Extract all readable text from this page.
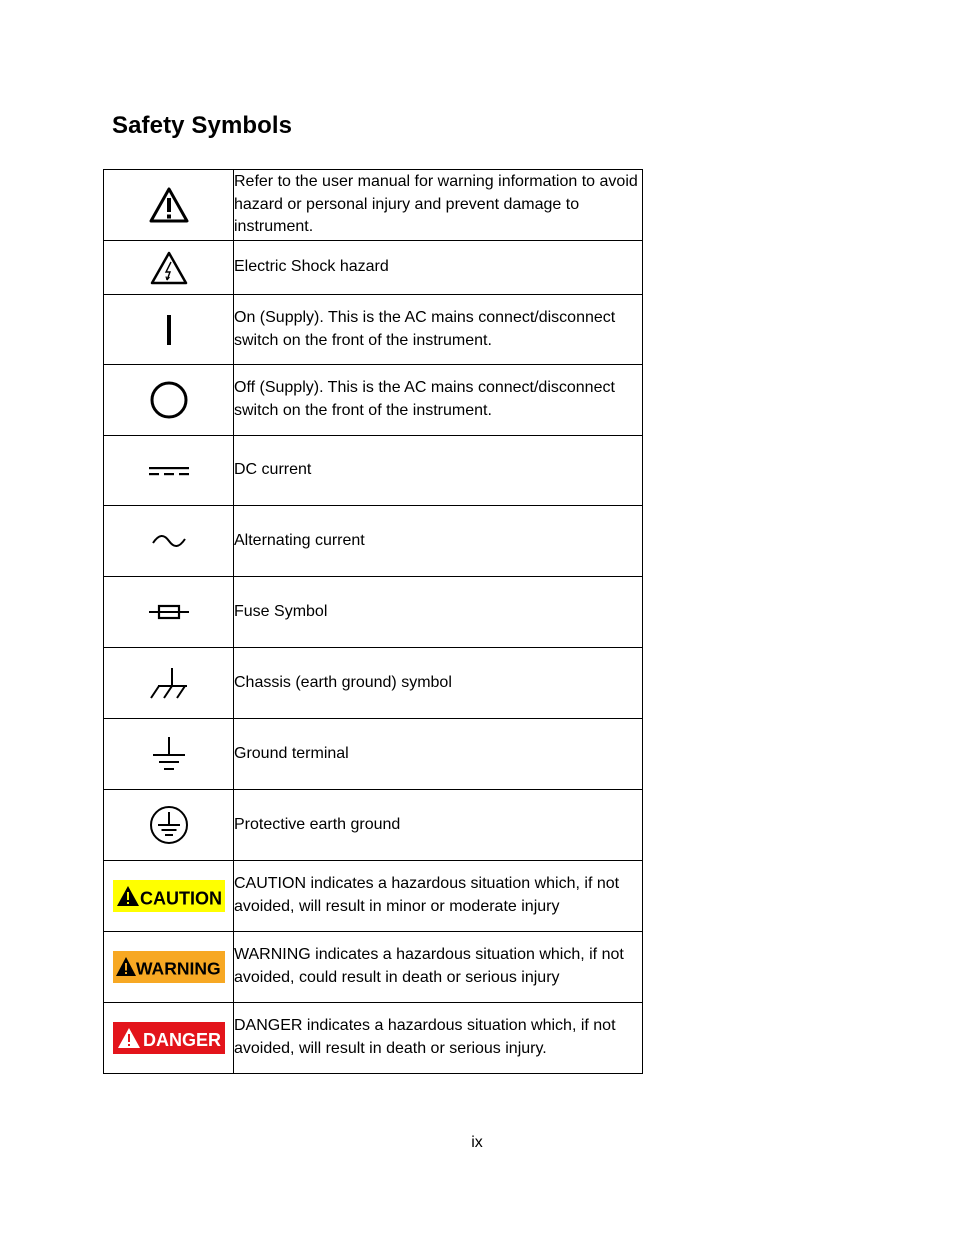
Safety Symbols
	Refer to the user manual for warning information to avoid hazard or personal injury and prevent damage to instrument.

	Electric Shock hazard

	On (Supply). This is the AC mains connect/disconnect switch on the front of the instrument.

	Off (Supply). This is the AC mains connect/disconnect switch on the front of the instrument.

	DC current

	Alternating current

	Fuse Symbol

	Chassis (earth ground) symbol

	Ground terminal

	Protective earth ground

CAUTION	CAUTION indicates a hazardous situation which, if not avoided, will result in minor or moderate injury

WARNING	WARNING indicates a hazardous situation which, if not avoided, could result in death or serious injury

DANGER	DANGER indicates a hazardous situation which, if not avoided, will result in death or serious injury.
ix
